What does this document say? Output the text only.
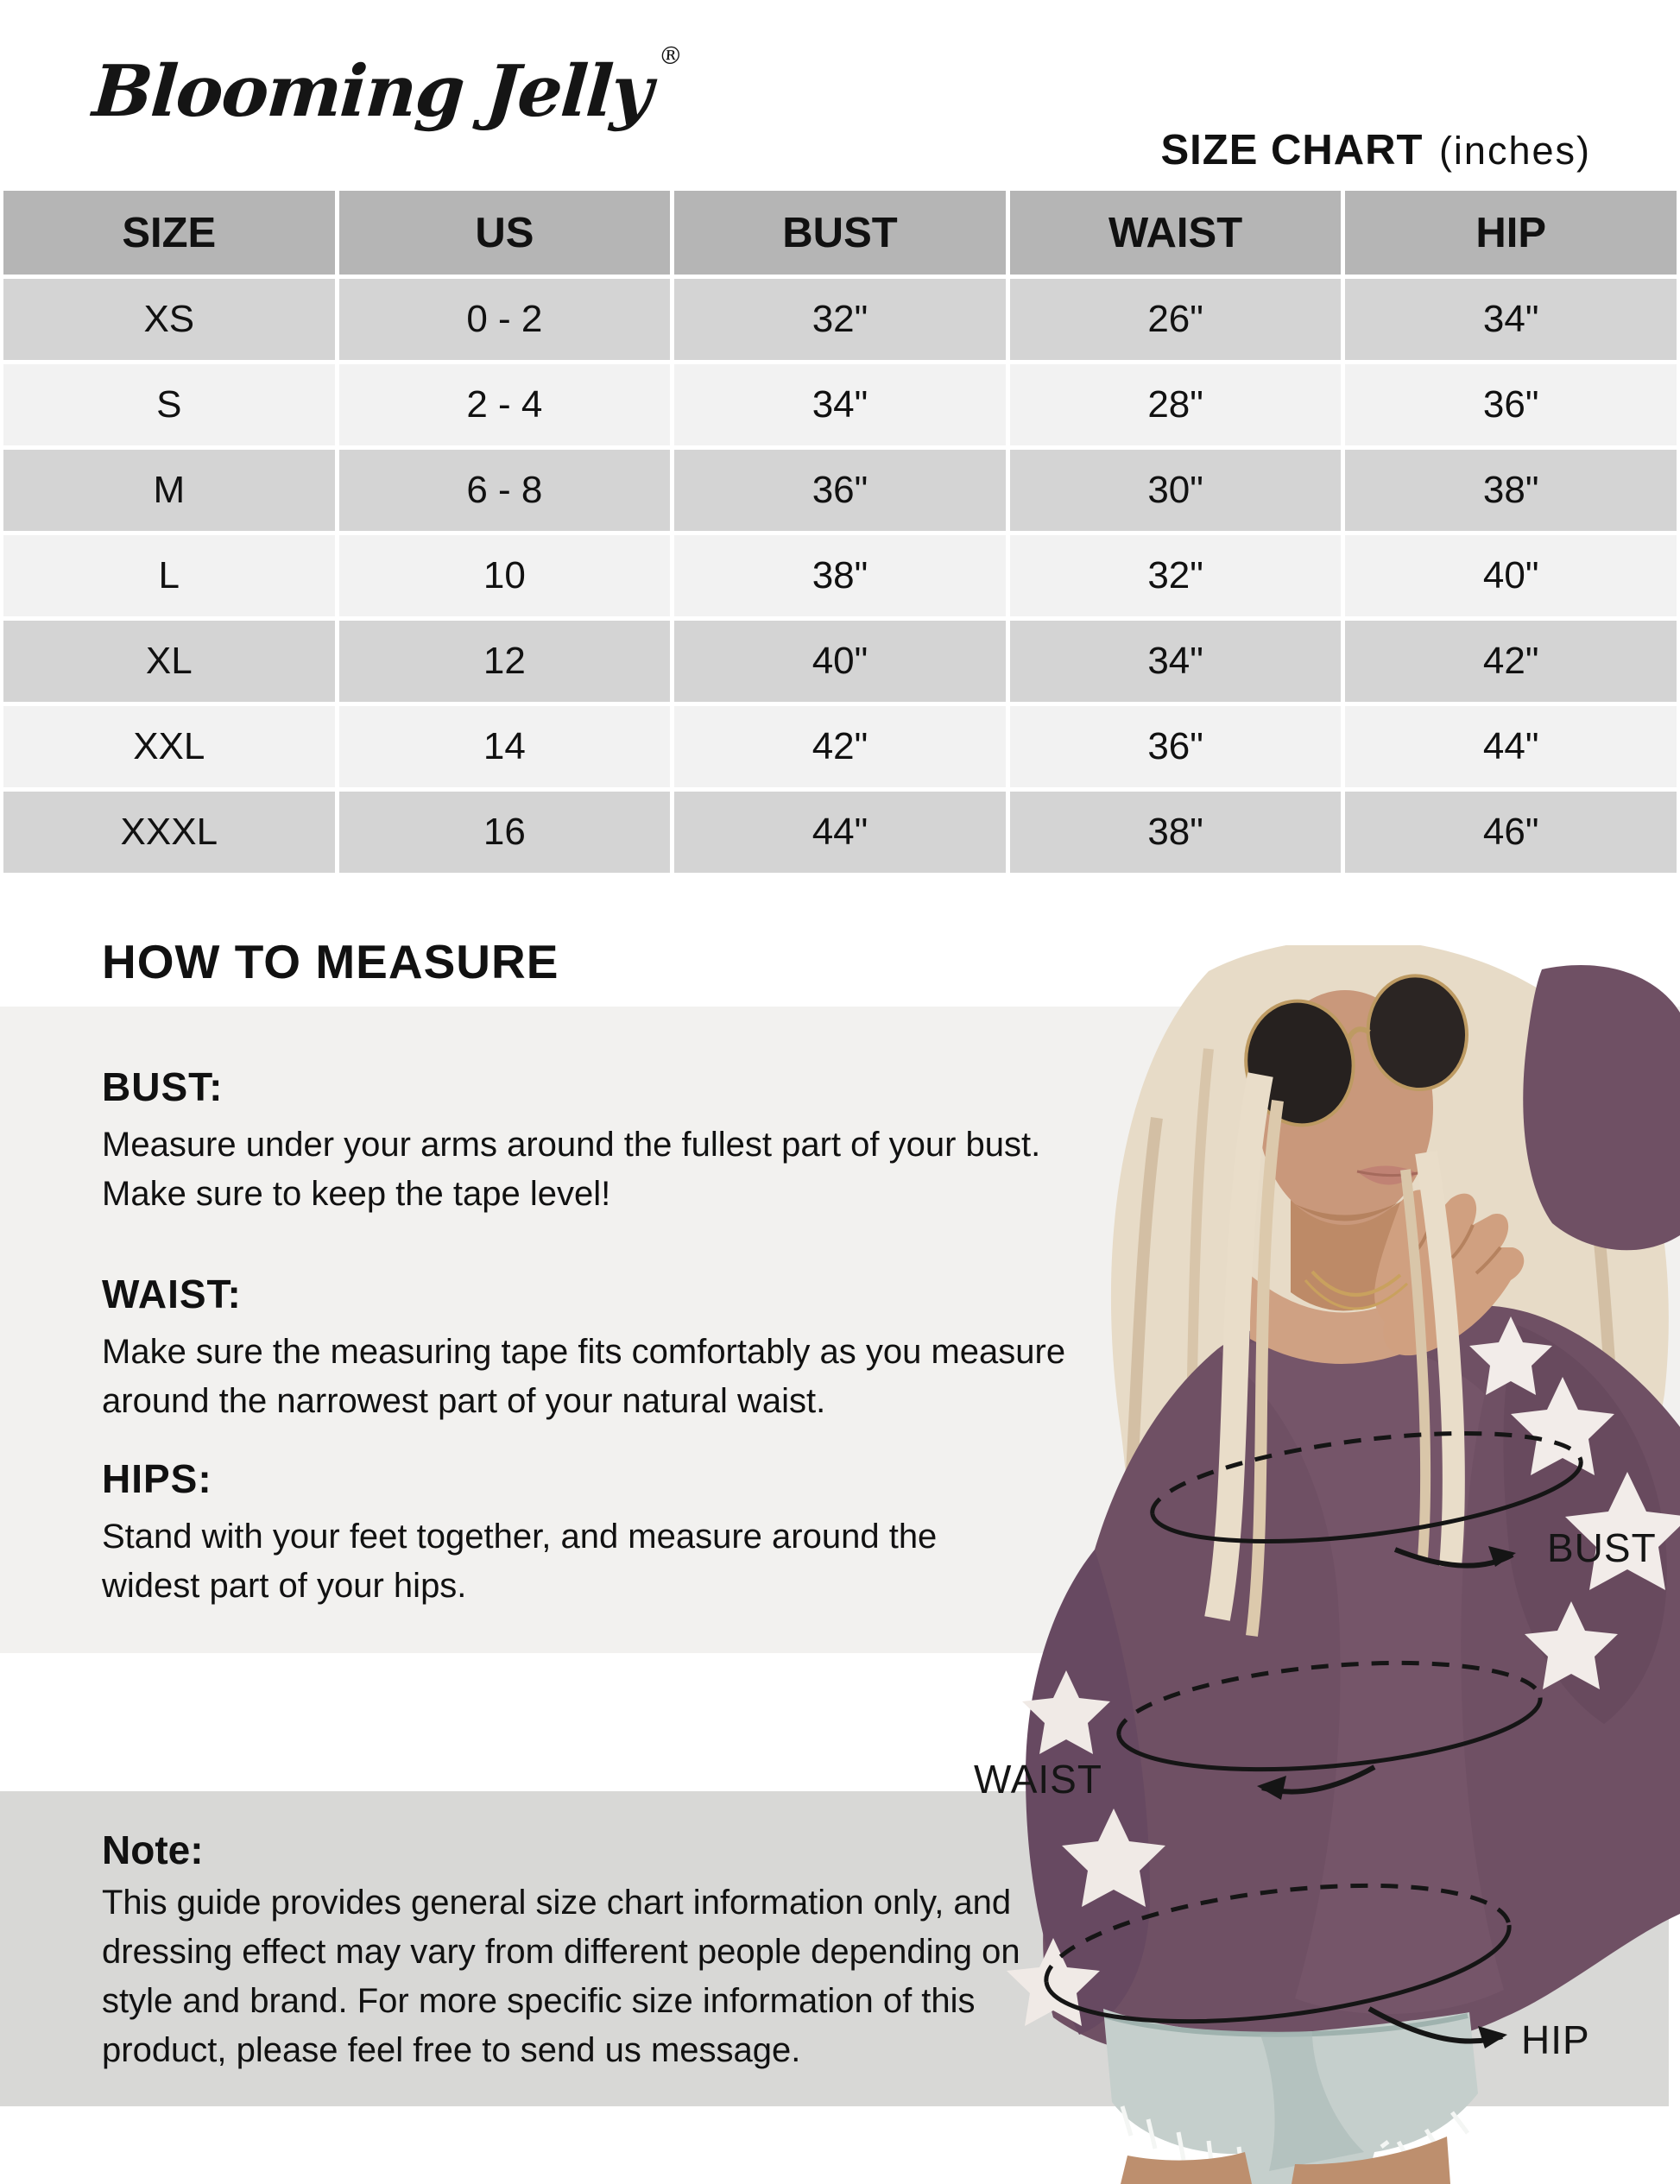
Blooming Jelly ®
SIZE CHART (inches)
SIZE	US	BUST	WAIST	HIP
XS	0 - 2	32"	26"	34"
S	2 - 4	34"	28"	36"
M	6 - 8	36"	30"	38"
L	10	38"	32"	40"
XL	12	40"	34"	42"
XXL	14	42"	36"	44"
XXXL	16	44"	38"	46"
HOW TO MEASURE
BUST:
Measure under your arms around the fullest part of your bust.
Make sure to keep the tape level!
WAIST:
Make sure the measuring tape fits comfortably as you measure
around the narrowest part of your natural waist.
HIPS:
Stand with your feet together, and measure around the
widest part of your hips.
Note:
This guide provides general size chart information only, and
dressing effect may vary from different people depending on
style and brand. For more specific size information of this
product, please feel free to send us message.
BUST
WAIST
HIP
